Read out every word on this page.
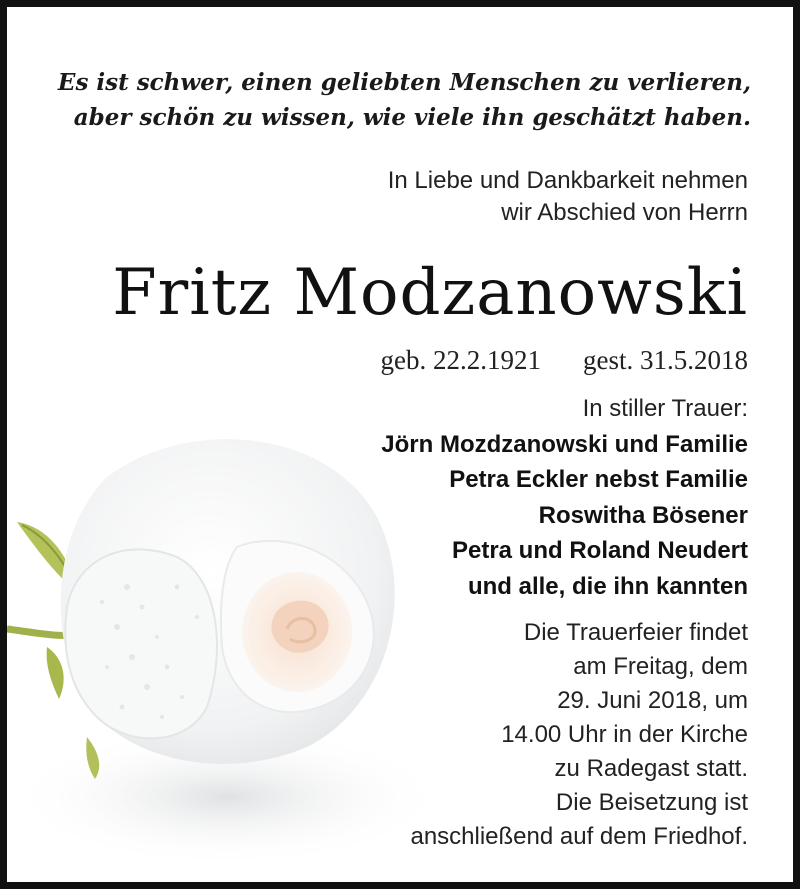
Es ist schwer, einen geliebten Menschen zu verlieren,
aber schön zu wissen, wie viele ihn geschätzt haben.
In Liebe und Dankbarkeit nehmen
wir Abschied von Herrn
Fritz Modzanowski
geb. 22.2.1921 gest. 31.5.2018
In stiller Trauer:
Jörn Mozdzanowski und Familie
Petra Eckler nebst Familie
Roswitha Bösener
Petra und Roland Neudert
und alle, die ihn kannten
Die Trauerfeier findet
am Freitag, dem
29. Juni 2018, um
14.00 Uhr in der Kirche
zu Radegast statt.
Die Beisetzung ist
anschließend auf dem Friedhof.
